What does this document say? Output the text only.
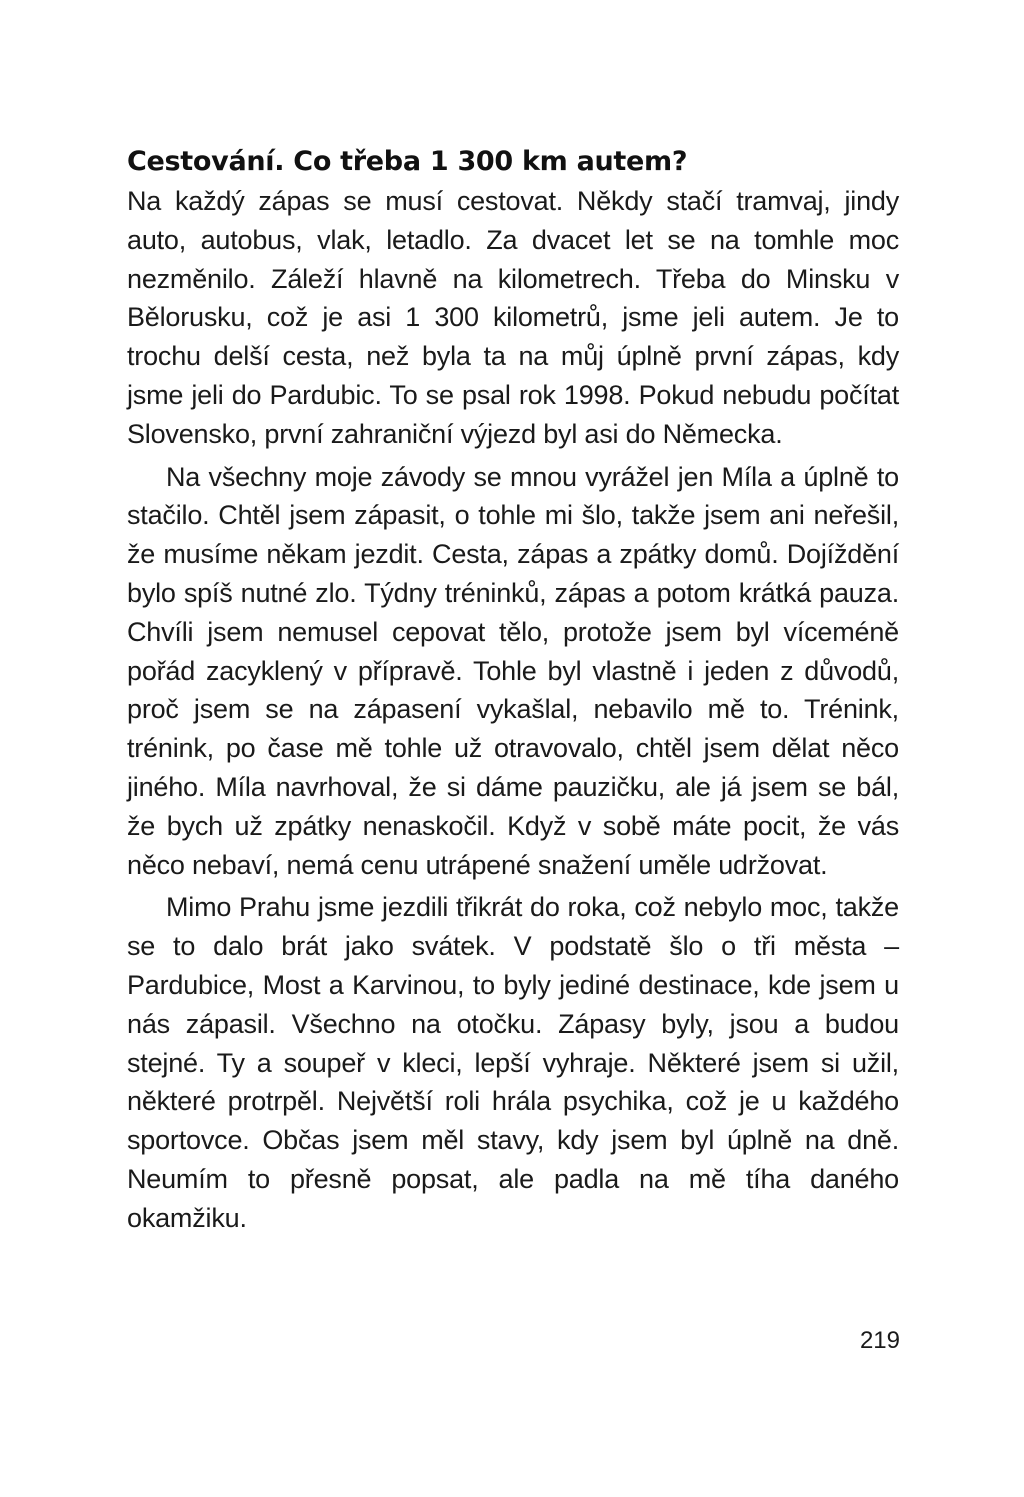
Cestování. Co třeba 1 300 km autem?

Na každý zápas se musí cestovat. Někdy stačí tramvaj, jindy auto, autobus, vlak, letadlo. Za dvacet let se na tomhle moc nezměnilo. Záleží hlavně na kilometrech. Třeba do Minsku v Bělorusku, což je asi 1 300 kilometrů, jsme jeli autem. Je to trochu delší cesta, než byla ta na můj úplně první zápas, kdy jsme jeli do Pardubic. To se psal rok 1998. Pokud nebudu počítat Slovensko, první zahraniční výjezd byl asi do Německa.

Na všechny moje závody se mnou vyrážel jen Míla a úplně to stačilo. Chtěl jsem zápasit, o tohle mi šlo, takže jsem ani neřešil, že musíme někam jezdit. Cesta, zápas a zpátky domů. Dojíždění bylo spíš nutné zlo. Týdny tréninků, zápas a potom krátká pauza. Chvíli jsem nemusel cepovat tělo, protože jsem byl víceméně pořád zacyklený v přípravě. Tohle byl vlastně i jeden z důvodů, proč jsem se na zápasení vykašlal, nebavilo mě to. Trénink, trénink, po čase mě tohle už otravovalo, chtěl jsem dělat něco jiného. Míla navrhoval, že si dáme pauzičku, ale já jsem se bál, že bych už zpátky nenaskočil. Když v sobě máte pocit, že vás něco nebaví, nemá cenu utrápené snažení uměle udržovat.

Mimo Prahu jsme jezdili třikrát do roka, což nebylo moc, takže se to dalo brát jako svátek. V podstatě šlo o tři města – Pardubice, Most a Karvinou, to byly jediné destinace, kde jsem u nás zápasil. Všechno na otočku. Zápasy byly, jsou a budou stejné. Ty a soupeř v kleci, lepší vyhraje. Některé jsem si užil, některé protrpěl. Největší roli hrála psychika, což je u každého sportovce. Občas jsem měl stavy, kdy jsem byl úplně na dně. Neumím to přesně popsat, ale padla na mě tíha daného okamžiku.

219
